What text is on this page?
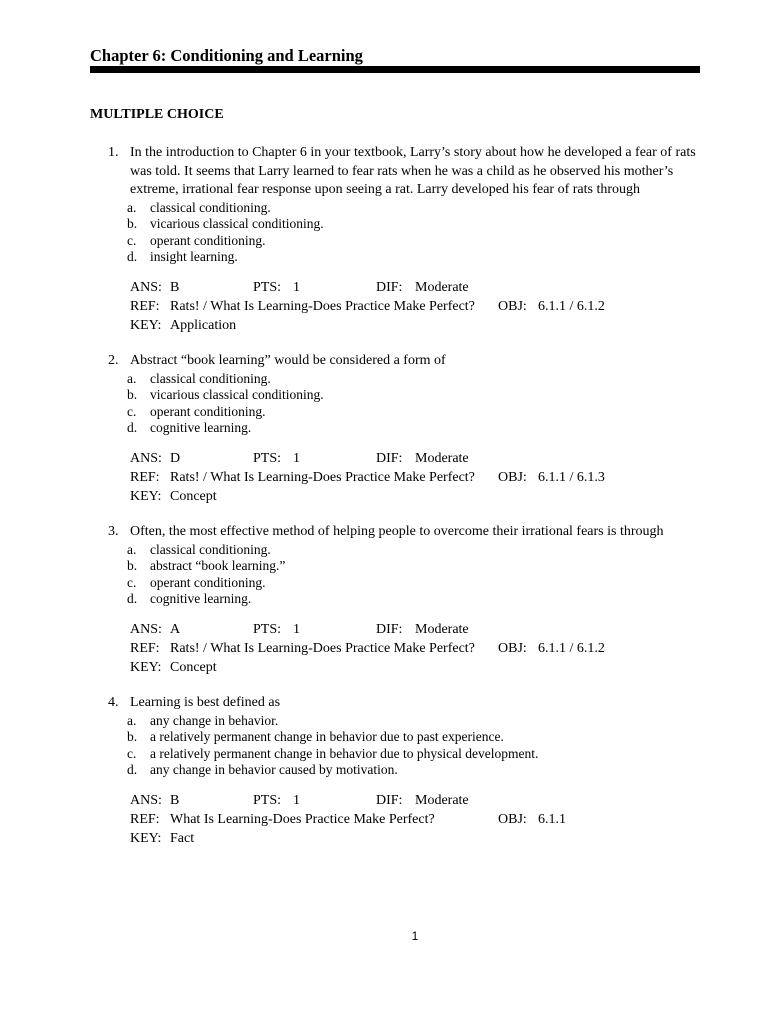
Chapter 6: Conditioning and Learning
MULTIPLE CHOICE
1. In the introduction to Chapter 6 in your textbook, Larry’s story about how he developed a fear of rats was told. It seems that Larry learned to fear rats when he was a child as he observed his mother’s extreme, irrational fear response upon seeing a rat. Larry developed his fear of rats through
a.	classical conditioning.
b. vicarious classical conditioning.
c.	operant conditioning.
d. insight learning.
ANS: B	PTS: 1	DIF: Moderate
REF: Rats! / What Is Learning-Does Practice Make Perfect? OBJ: 6.1.1 / 6.1.2
KEY: Application
2. Abstract “book learning” would be considered a form of
a.	classical conditioning.
b. vicarious classical conditioning.
c.	operant conditioning.
d. cognitive learning.
ANS: D	PTS: 1	DIF: Moderate
REF: Rats! / What Is Learning-Does Practice Make Perfect? OBJ: 6.1.1 / 6.1.3
KEY: Concept
3. Often, the most effective method of helping people to overcome their irrational fears is through
a.	classical conditioning.
b. abstract “book learning.”
c.	operant conditioning.
d. cognitive learning.
ANS: A	PTS: 1	DIF: Moderate
REF: Rats! / What Is Learning-Does Practice Make Perfect? OBJ: 6.1.1 / 6.1.2
KEY: Concept
4. Learning is best defined as
a.	any change in behavior.
b. a relatively permanent change in behavior due to past experience.
c.	a relatively permanent change in behavior due to physical development.
d. any change in behavior caused by motivation.
ANS: B	PTS: 1	DIF: Moderate
REF: What Is Learning-Does Practice Make Perfect?	OBJ: 6.1.1
KEY: Fact
1
